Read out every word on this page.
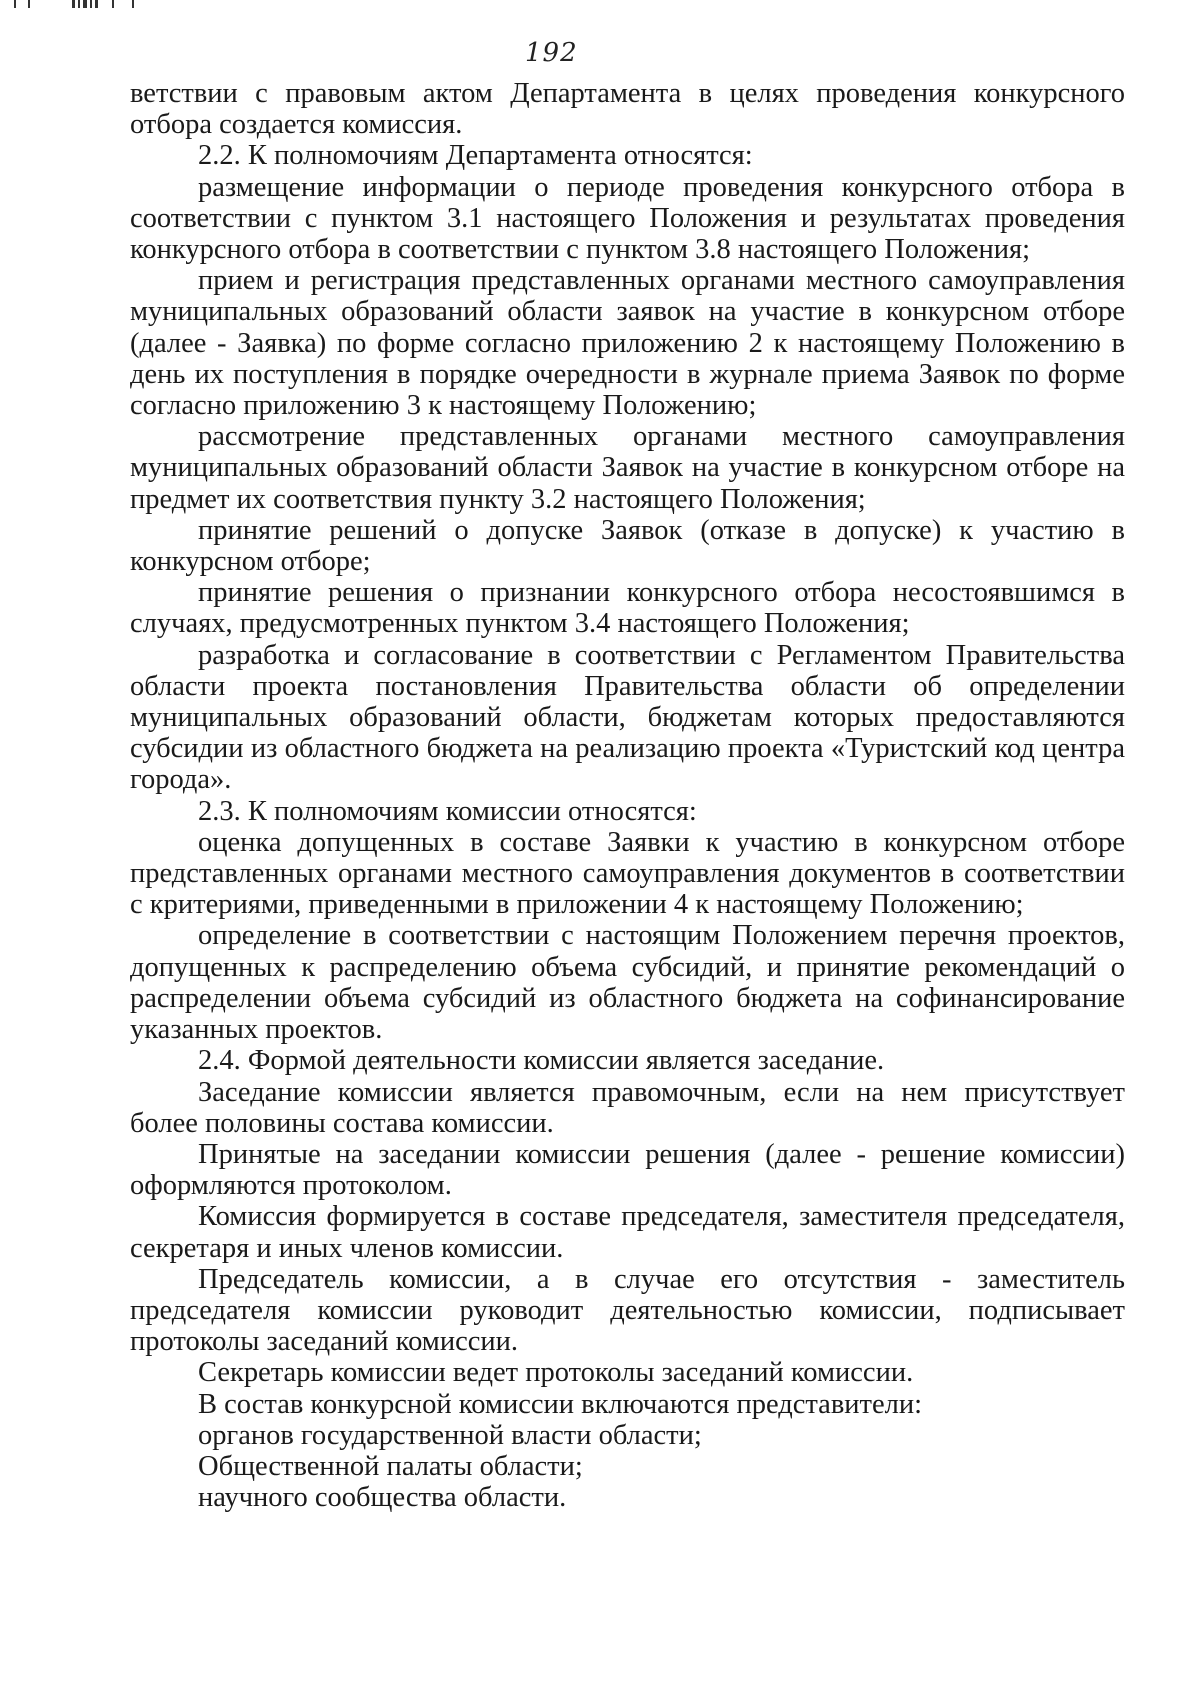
192

ветствии с правовым актом Департамента в целях проведения конкурсного отбора создается комиссия.

2.2. К полномочиям Департамента относятся:

размещение информации о периоде проведения конкурсного отбора в соответствии с пунктом 3.1 настоящего Положения и результатах проведения конкурсного отбора в соответствии с пунктом 3.8 настоящего Положения;

прием и регистрация представленных органами местного самоуправления муниципальных образований области заявок на участие в конкурсном отборе (далее - Заявка) по форме согласно приложению 2 к настоящему Положению в день их поступления в порядке очередности в журнале приема Заявок по форме согласно приложению 3 к настоящему Положению;

рассмотрение представленных органами местного самоуправления муниципальных образований области Заявок на участие в конкурсном отборе на предмет их соответствия пункту 3.2 настоящего Положения;

принятие решений о допуске Заявок (отказе в допуске) к участию в конкурсном отборе;

принятие решения о признании конкурсного отбора несостоявшимся в случаях, предусмотренных пунктом 3.4 настоящего Положения;

разработка и согласование в соответствии с Регламентом Правительства области проекта постановления Правительства области об определении муниципальных образований области, бюджетам которых предоставляются субсидии из областного бюджета на реализацию проекта «Туристский код центра города».

2.3. К полномочиям комиссии относятся:

оценка допущенных в составе Заявки к участию в конкурсном отборе представленных органами местного самоуправления документов в соответствии с критериями, приведенными в приложении 4 к настоящему Положению;

определение в соответствии с настоящим Положением перечня проектов, допущенных к распределению объема субсидий, и принятие рекомендаций о распределении объема субсидий из областного бюджета на софинансирование указанных проектов.

2.4. Формой деятельности комиссии является заседание.

Заседание комиссии является правомочным, если на нем присутствует более половины состава комиссии.

Принятые на заседании комиссии решения (далее - решение комиссии) оформляются протоколом.

Комиссия формируется в составе председателя, заместителя председателя, секретаря и иных членов комиссии.

Председатель комиссии, а в случае его отсутствия - заместитель председателя комиссии руководит деятельностью комиссии, подписывает протоколы заседаний комиссии.

Секретарь комиссии ведет протоколы заседаний комиссии.

В состав конкурсной комиссии включаются представители:

органов государственной власти области;

Общественной палаты области;

научного сообщества области.
